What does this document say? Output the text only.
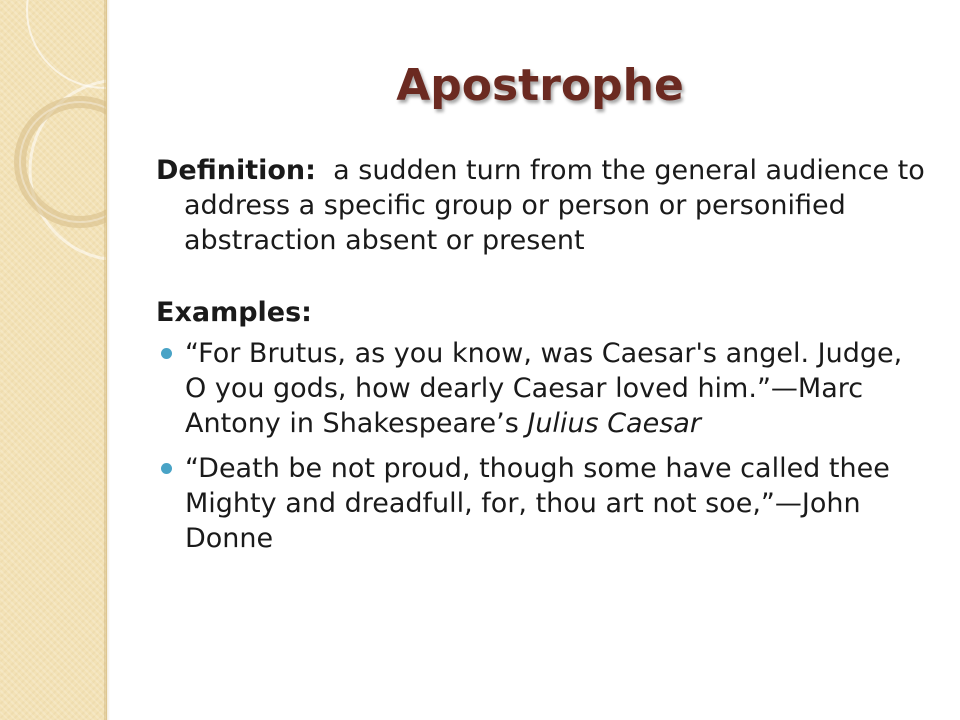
Apostrophe

Definition: a sudden turn from the general audience to address a specific group or person or personified abstraction absent or present

Examples:
“For Brutus, as you know, was Caesar's angel. Judge, O you gods, how dearly Caesar loved him.”—Marc Antony in Shakespeare’s Julius Caesar
“Death be not proud, though some have called thee
Mighty and dreadfull, for, thou art not soe,”—John Donne
